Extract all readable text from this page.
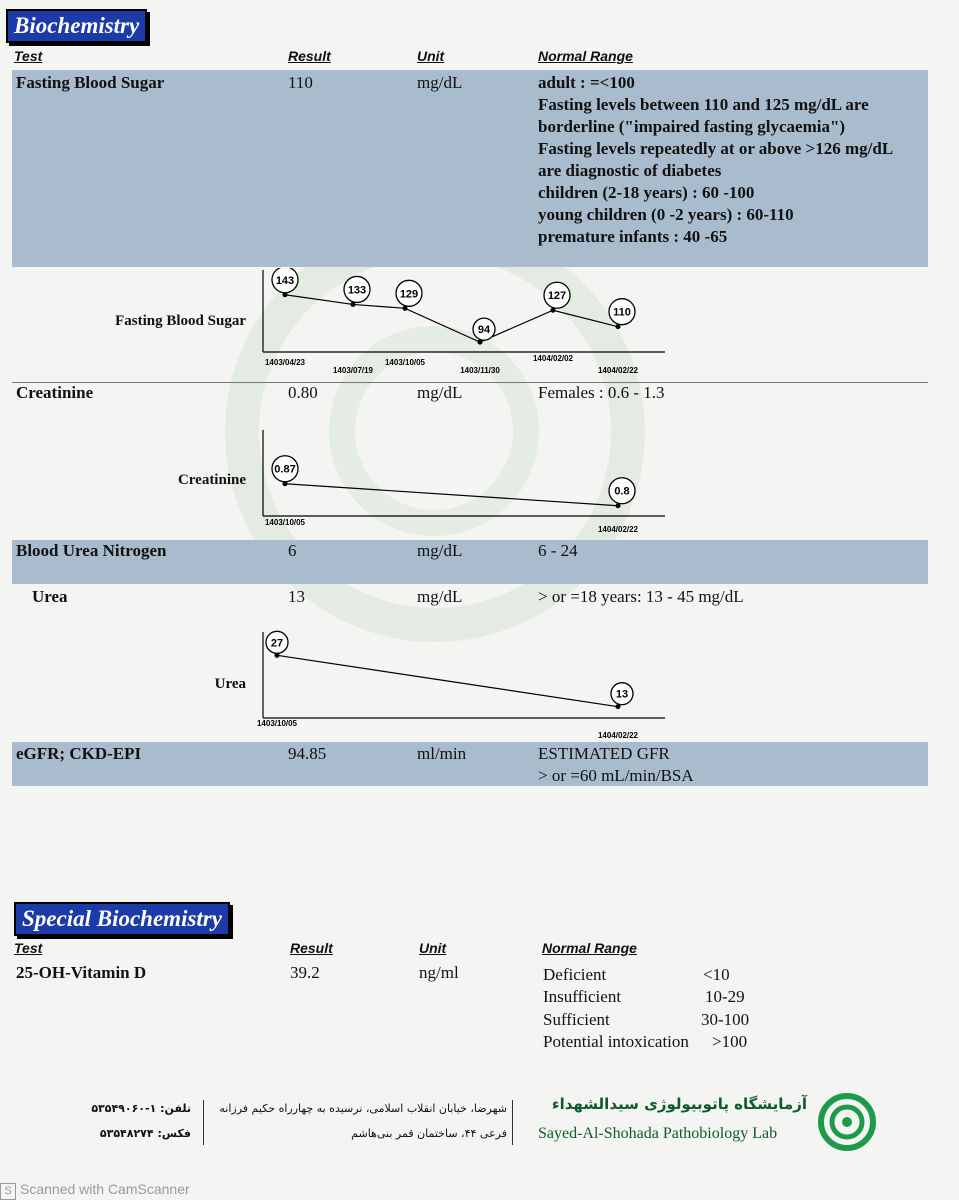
Biochemistry
Test	Result	Unit	Normal Range
Fasting Blood Sugar	110	mg/dL	adult : =<100
Fasting levels between 110 and 125 mg/dL are
borderline ("impaired fasting glycaemia")
Fasting levels repeatedly at or above >126 mg/dL
are diagnostic of diabetes
children (2-18 years) : 60 -100
young children (0 -2 years) : 60-110
premature infants : 40 -65
Fasting Blood Sugar
143
1403/04/23
133
1403/07/19
129
1403/10/05
94
1403/11/30
127
1404/02/02
110
1404/02/22
Creatinine	0.80	mg/dL	Females : 0.6 - 1.3
Creatinine
0.87
1403/10/05
0.8
1404/02/22
Blood Urea Nitrogen	6	mg/dL	6 - 24
Urea	13	mg/dL	> or =18 years: 13 - 45 mg/dL
Urea
27
1403/10/05
13
1404/02/22
eGFR; CKD-EPI	94.85	ml/min	ESTIMATED GFR
> or =60 mL/min/BSA
Special Biochemistry
Test	Result	Unit	Normal Range
25-OH-Vitamin D	39.2	ng/ml	Deficient	<10
Insufficient	10-29
Sufficient	30-100
Potential intoxication >100
آزمایشگاه پاتوبیولوژی سیدالشهداء
Sayed-Al-Shohada Pathobiology Lab
شهرضا، خیابان انقلاب اسلامی، نرسیده به چهارراه حکیم فرزانه
فرعی ۴۴، ساختمان قمر بنی‌هاشم
تلفن: ۱-۵۳۵۴۹۰۶۰
فکس: ۵۳۵۴۸۲۷۴
S Scanned with CamScanner
